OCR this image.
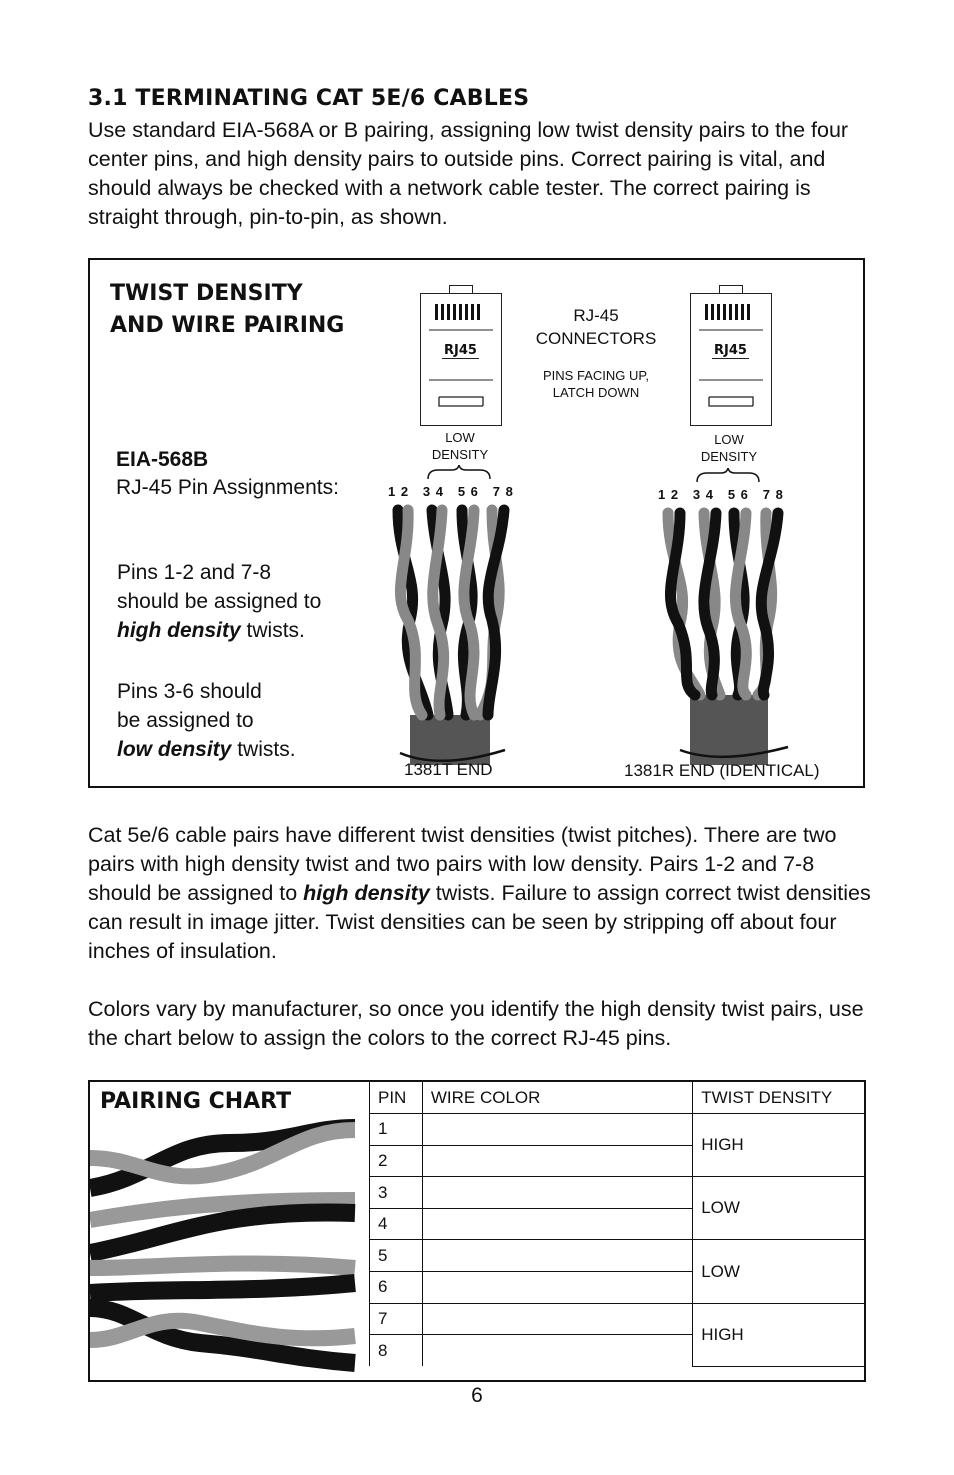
3.1 TERMINATING CAT 5E/6 CABLES
Use standard EIA-568A or B pairing, assigning low twist density pairs to the four center pins, and high density pairs to outside pins. Correct pairing is vital, and should always be checked with a network cable tester. The correct pairing is straight through, pin-to-pin, as shown.
TWIST DENSITY
AND WIRE PAIRING
RJ45	RJ45
RJ-45
CONNECTORS
PINS FACING UP,
LATCH DOWN
LOW
DENSITY
LOW
DENSITY
1 2   3 4   5 6   7 8	1 2   3 4   5 6   7 8
EIA-568B
RJ-45 Pin Assignments:
Pins 1-2 and 7-8
should be assigned to
high density twists.
Pins 3-6 should
be assigned to
low density twists.
1381T END	1381R END (IDENTICAL)
Cat 5e/6 cable pairs have different twist densities (twist pitches). There are two pairs with high density twist and two pairs with low density. Pairs 1-2 and 7-8 should be assigned to high density twists. Failure to assign correct twist densities can result in image jitter. Twist densities can be seen by stripping off about four inches of insulation.
Colors vary by manufacturer, so once you identify the high density twist pairs, use the chart below to assign the colors to the correct RJ-45 pins.
PAIRING CHART	PIN	WIRE COLOR	TWIST DENSITY
1		HIGH
2		
3		LOW
4		
5		LOW
6		
7		HIGH
8		
6
